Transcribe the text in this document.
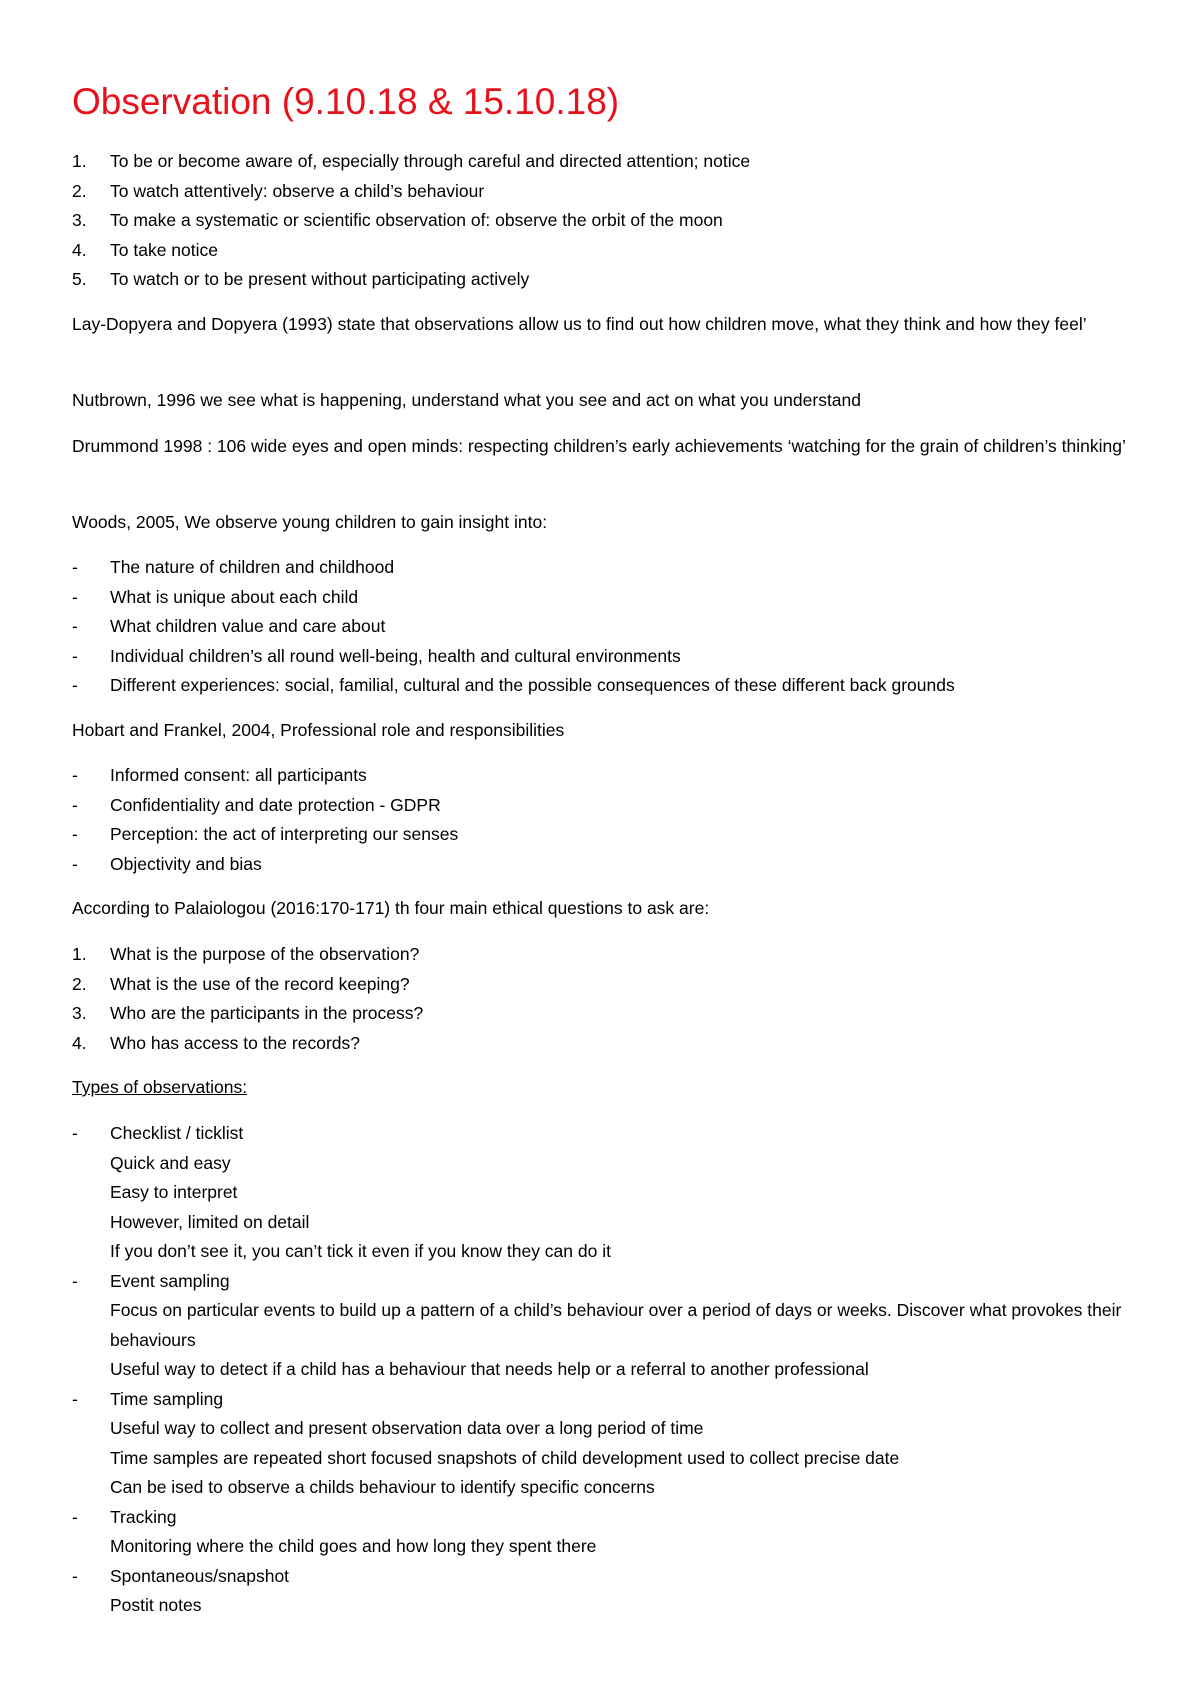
Observation (9.10.18 & 15.10.18)
1.	To be or become aware of, especially through careful and directed attention; notice
2.	To watch attentively: observe a child’s behaviour
3.	To make a systematic or scientific observation of: observe the orbit of the moon
4.	To take notice
5.	To watch or to be present without participating actively

Lay-Dopyera and Dopyera (1993) state that observations allow us to find out how children move, what they think and how they feel’

Nutbrown, 1996 we see what is happening, understand what you see and act on what you understand

Drummond 1998 : 106 wide eyes and open minds: respecting children’s early achievements ‘watching for the grain of children’s thinking’

Woods, 2005, We observe young children to gain insight into:

-	The nature of children and childhood
-	What is unique about each child
-	What children value and care about
-	Individual children’s all round well-being, health and cultural environments
-	Different experiences: social, familial, cultural and the possible consequences of these different back grounds

Hobart and Frankel, 2004, Professional role and responsibilities

-	Informed consent: all participants
-	Confidentiality and date protection - GDPR
-	Perception: the act of interpreting our senses
-	Objectivity and bias

According to Palaiologou (2016:170-171) th four main ethical questions to ask are:

1.	What is the purpose of the observation?
2.	What is the use of the record keeping?
3.	Who are the participants in the process?
4.	Who has access to the records?

Types of observations:

-	Checklist / ticklist
Quick and easy
Easy to interpret
However, limited on detail
If you don’t see it, you can’t tick it even if you know they can do it
-	Event sampling
Focus on particular events to build up a pattern of a child’s behaviour over a period of days or weeks. Discover what provokes their behaviours
Useful way to detect if a child has a behaviour that needs help or a referral to another professional
-	Time sampling
Useful way to collect and present observation data over a long period of time
Time samples are repeated short focused snapshots of child development used to collect precise date
Can be ised to observe a childs behaviour to identify specific concerns
-	Tracking
Monitoring where the child goes and how long they spent there
-	Spontaneous/snapshot
Postit notes
